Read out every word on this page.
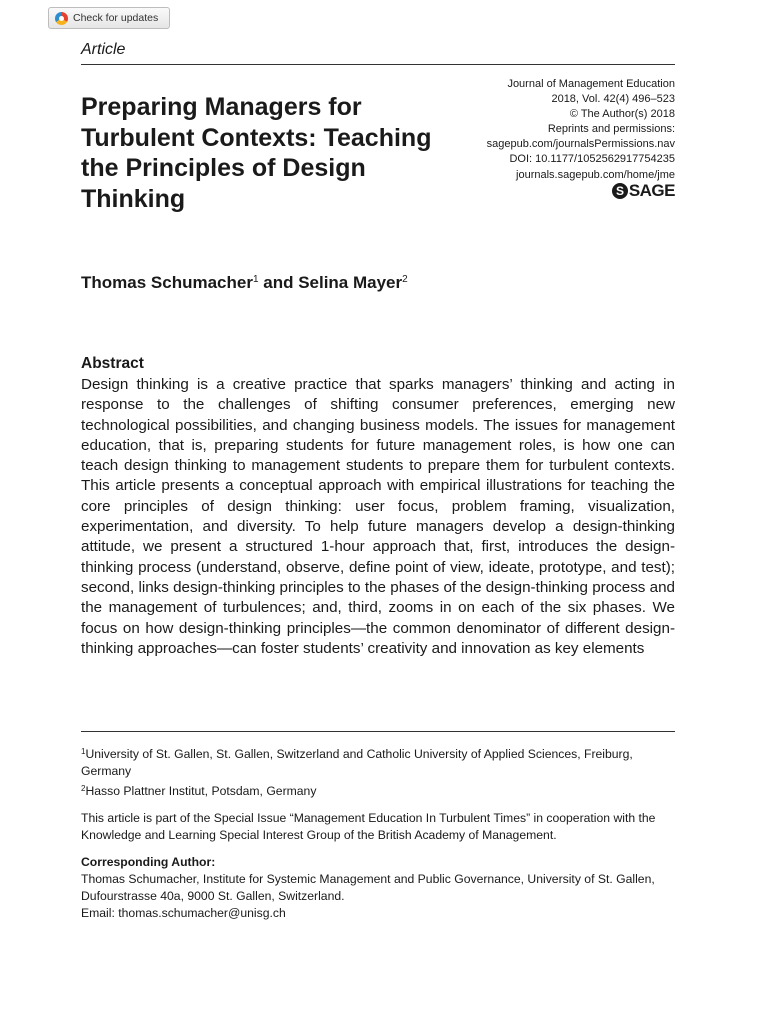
Check for updates
Article
Preparing Managers for Turbulent Contexts: Teaching the Principles of Design Thinking
Journal of Management Education
2018, Vol. 42(4) 496–523
© The Author(s) 2018
Reprints and permissions:
sagepub.com/journalsPermissions.nav
DOI: 10.1177/1052562917754235
journals.sagepub.com/home/jme
S SAGE
Thomas Schumacher$^1$ and Selina Mayer$^2$
Abstract

Design thinking is a creative practice that sparks managers’ thinking and acting in response to the challenges of shifting consumer preferences, emerging new technological possibilities, and changing business models. The issues for management education, that is, preparing students for future management roles, is how one can teach design thinking to management students to prepare them for turbulent contexts. This article presents a conceptual approach with empirical illustrations for teaching the core principles of design thinking: user focus, problem framing, visualization, experimentation, and diversity. To help future managers develop a design-thinking attitude, we present a structured 1-hour approach that, first, introduces the design-thinking process (understand, observe, define point of view, ideate, prototype, and test); second, links design-thinking principles to the phases of the design-thinking process and the management of turbulences; and, third, zooms in on each of the six phases. We focus on how design-thinking principles—the common denominator of different design-thinking approaches—can foster students’ creativity and innovation as key elements

$^1$University of St. Gallen, St. Gallen, Switzerland and Catholic University of Applied Sciences, Freiburg, Germany

$^2$Hasso Plattner Institut, Potsdam, Germany

This article is part of the Special Issue “Management Education In Turbulent Times” in cooperation with the Knowledge and Learning Special Interest Group of the British Academy of Management.

Corresponding Author:

Thomas Schumacher, Institute for Systemic Management and Public Governance, University of St. Gallen, Dufourstrasse 40a, 9000 St. Gallen, Switzerland.

Email: thomas.schumacher@unisg.ch
